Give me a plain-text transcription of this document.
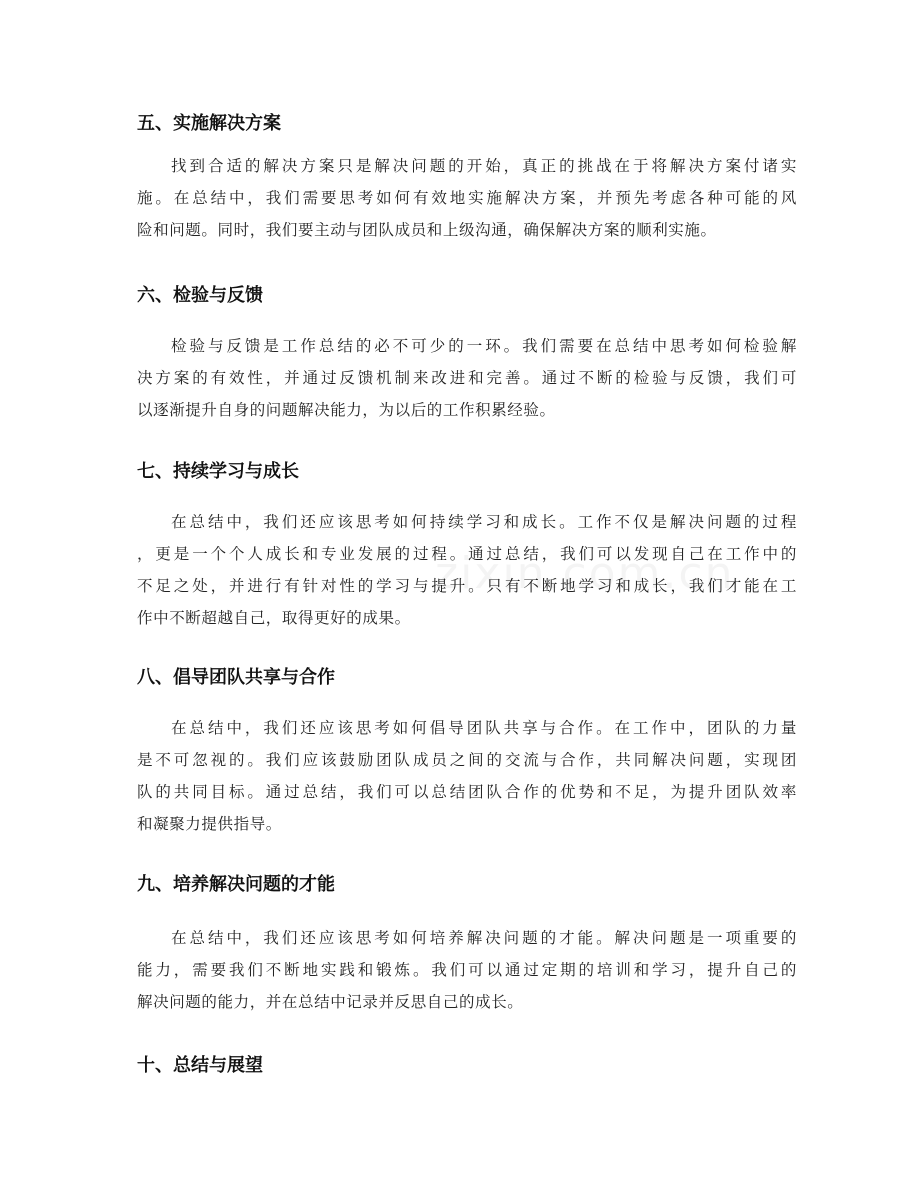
五、实施解决方案
找到合适的解决方案只是解决问题的开始，真正的挑战在于将解决方案付诸实
施。在总结中，我们需要思考如何有效地实施解决方案，并预先考虑各种可能的风
险和问题。同时，我们要主动与团队成员和上级沟通，确保解决方案的顺利实施。
六、检验与反馈
检验与反馈是工作总结的必不可少的一环。我们需要在总结中思考如何检验解
决方案的有效性，并通过反馈机制来改进和完善。通过不断的检验与反馈，我们可
以逐渐提升自身的问题解决能力，为以后的工作积累经验。
七、持续学习与成长
在总结中，我们还应该思考如何持续学习和成长。工作不仅是解决问题的过程
，更是一个个人成长和专业发展的过程。通过总结，我们可以发现自己在工作中的
不足之处，并进行有针对性的学习与提升。只有不断地学习和成长，我们才能在工
作中不断超越自己，取得更好的成果。
八、倡导团队共享与合作
在总结中，我们还应该思考如何倡导团队共享与合作。在工作中，团队的力量
是不可忽视的。我们应该鼓励团队成员之间的交流与合作，共同解决问题，实现团
队的共同目标。通过总结，我们可以总结团队合作的优势和不足，为提升团队效率
和凝聚力提供指导。
九、培养解决问题的才能
在总结中，我们还应该思考如何培养解决问题的才能。解决问题是一项重要的
能力，需要我们不断地实践和锻炼。我们可以通过定期的培训和学习，提升自己的
解决问题的能力，并在总结中记录并反思自己的成长。
十、总结与展望
